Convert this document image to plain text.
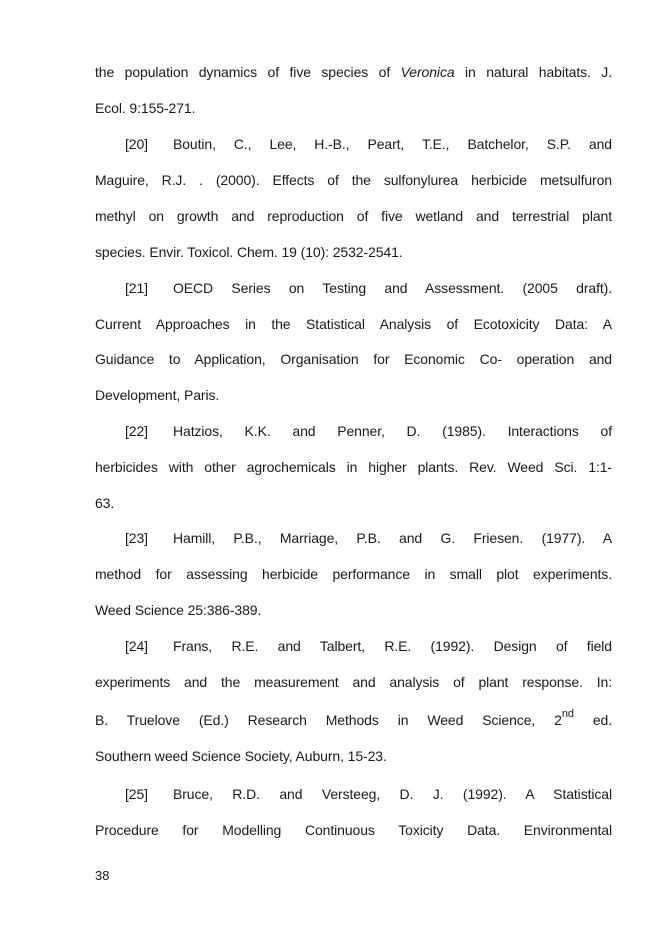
the population dynamics of five species of Veronica in natural habitats. J.
Ecol. 9:155-271.
[20] Boutin, C., Lee, H.-B., Peart, T.E., Batchelor, S.P. and
Maguire, R.J. . (2000). Effects of the sulfonylurea herbicide metsulfuron
methyl on growth and reproduction of five wetland and terrestrial plant
species. Envir. Toxicol. Chem. 19 (10): 2532-2541.
[21] OECD Series on Testing and Assessment. (2005 draft).
Current Approaches in the Statistical Analysis of Ecotoxicity Data: A
Guidance to Application, Organisation for Economic Co- operation and
Development, Paris.
[22] Hatzios, K.K. and Penner, D. (1985). Interactions of
herbicides with other agrochemicals in higher plants. Rev. Weed Sci. 1:1-
63.
[23] Hamill, P.B., Marriage, P.B. and G. Friesen. (1977). A
method for assessing herbicide performance in small plot experiments.
Weed Science 25:386-389.
[24] Frans, R.E. and Talbert, R.E. (1992). Design of field
experiments and the measurement and analysis of plant response. In:
B. Truelove (Ed.) Research Methods in Weed Science, 2nd ed.
Southern weed Science Society, Auburn, 15-23.
[25] Bruce, R.D. and Versteeg, D. J. (1992). A Statistical
Procedure for Modelling Continuous Toxicity Data. Environmental
38
